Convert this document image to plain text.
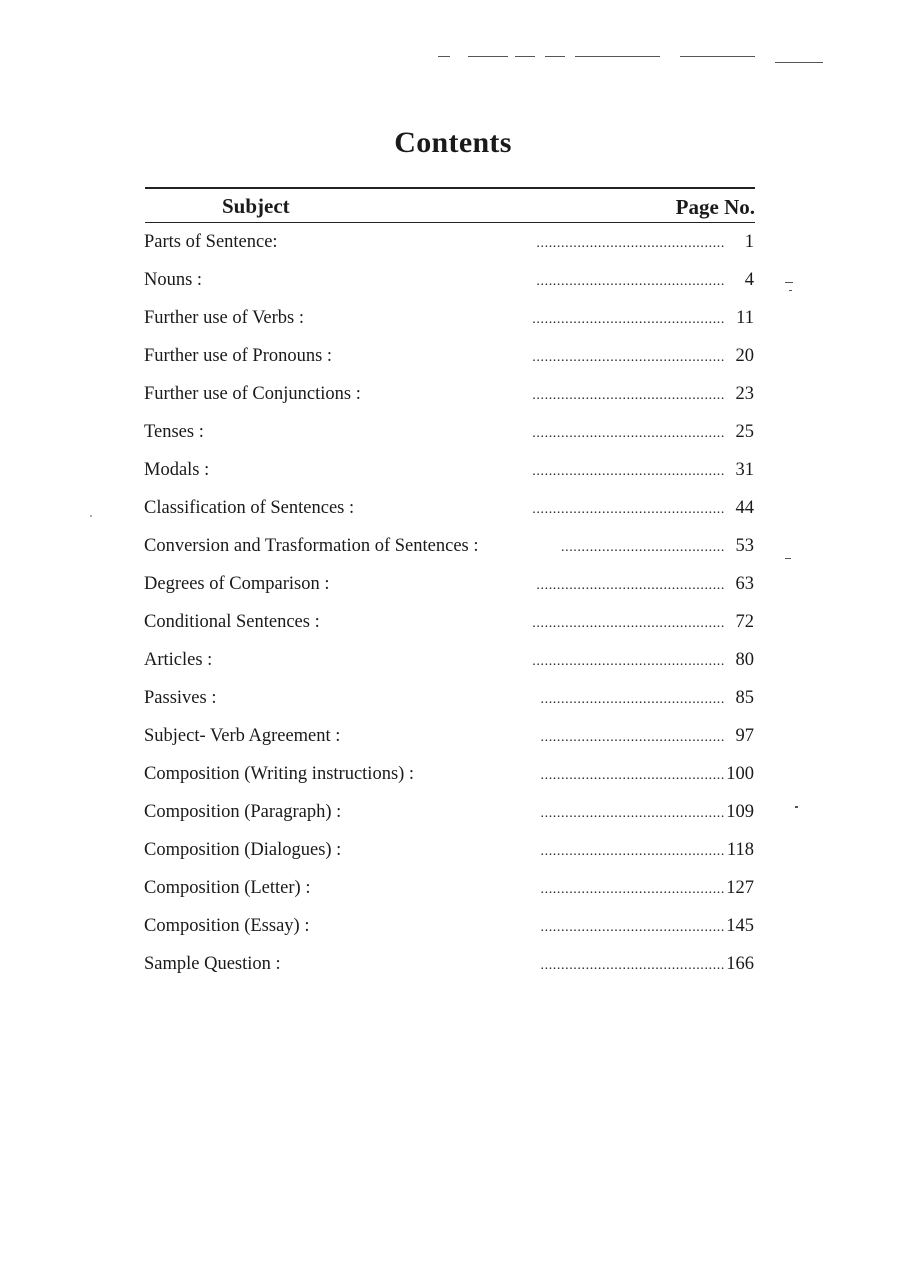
Contents
Subject	Page No.
Parts of Sentence:	.............................................. 1
Nouns :	.............................................. 4
Further use of Verbs :	............................................... 11
Further use of Pronouns :	............................................... 20
Further use of Conjunctions :	............................................... 23
Tenses :	............................................... 25
Modals :	............................................... 31
Classification of Sentences :	............................................... 44
Conversion and Trasformation of Sentences :	........................................ 53
Degrees of Comparison :	.............................................. 63
Conditional Sentences :	............................................... 72
Articles :	............................................... 80
Passives :	............................................. 85
Subject- Verb Agreement :	............................................. 97
Composition (Writing instructions) :	............................................. 100
Composition (Paragraph) :	............................................. 109
Composition (Dialogues) :	............................................. 118
Composition (Letter) :	............................................. 127
Composition (Essay) :	............................................. 145
Sample Question :	............................................. 166
